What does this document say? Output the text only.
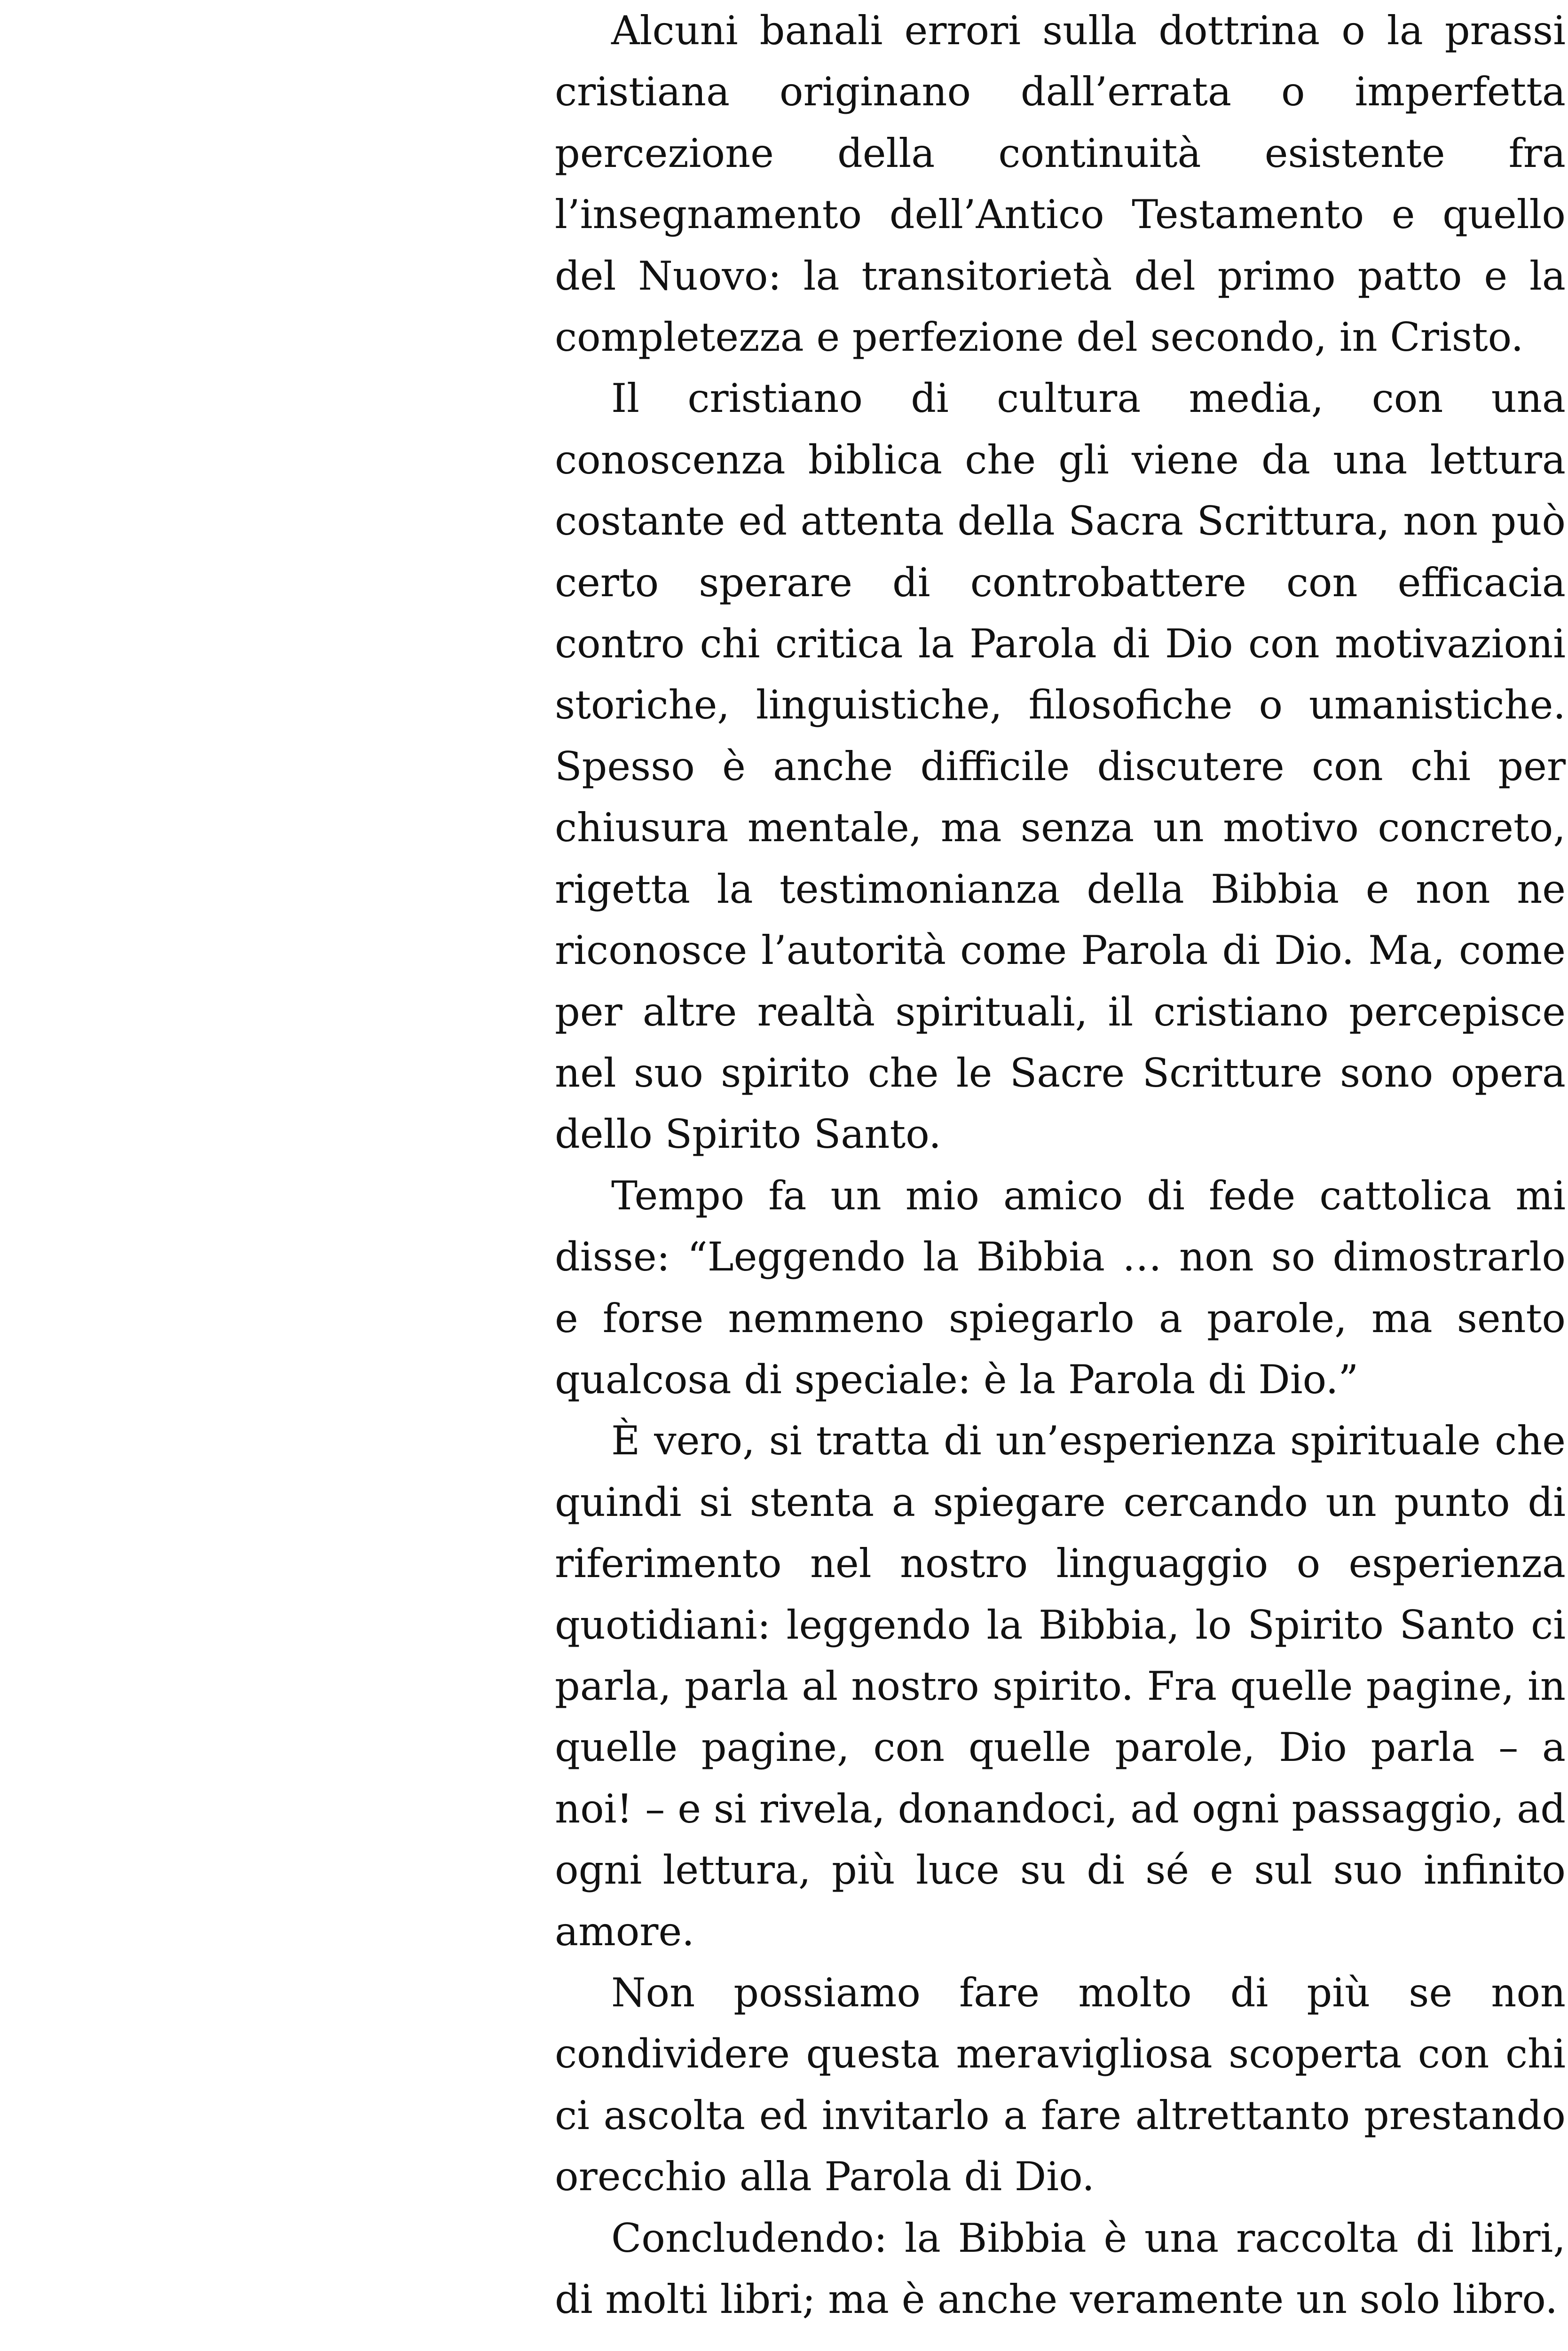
Alcuni banali errori sulla dottrina o la prassi cristiana originano dall’errata o imperfetta percezione della continuità esistente fra l’insegnamento dell’Antico Testamento e quello del Nuovo: la transitorietà del primo patto e la completezza e perfezione del secondo, in Cristo.

Il cristiano di cultura media, con una conoscenza biblica che gli viene da una lettura costante ed attenta della Sacra Scrittura, non può certo sperare di controbattere con efficacia contro chi critica la Parola di Dio con motivazioni storiche, linguistiche, filosofiche o umanistiche. Spesso è anche difficile discutere con chi per chiusura mentale, ma senza un motivo concreto, rigetta la testimonianza della Bibbia e non ne riconosce l’autorità come Parola di Dio. Ma, come per altre realtà spirituali, il cristiano percepisce nel suo spirito che le Sacre Scritture sono opera dello Spirito Santo.

Tempo fa un mio amico di fede cattolica mi disse: “Leggendo la Bibbia … non so dimostrarlo e forse nemmeno spiegarlo a parole, ma sento qualcosa di speciale: è la Parola di Dio.”

È vero, si tratta di un’esperienza spirituale che quindi si stenta a spiegare cercando un punto di riferimento nel nostro linguaggio o esperienza quotidiani: leggendo la Bibbia, lo Spirito Santo ci parla, parla al nostro spirito. Fra quelle pagine, in quelle pagine, con quelle parole, Dio parla – a noi! – e si rivela, donandoci, ad ogni passaggio, ad ogni lettura, più luce su di sé e sul suo infinito amore.

Non possiamo fare molto di più se non condividere questa meravigliosa scoperta con chi ci ascolta ed invitarlo a fare altrettanto prestando orecchio alla Parola di Dio.

Concludendo: la Bibbia è una raccolta di libri, di molti libri; ma è anche veramente un solo libro.
